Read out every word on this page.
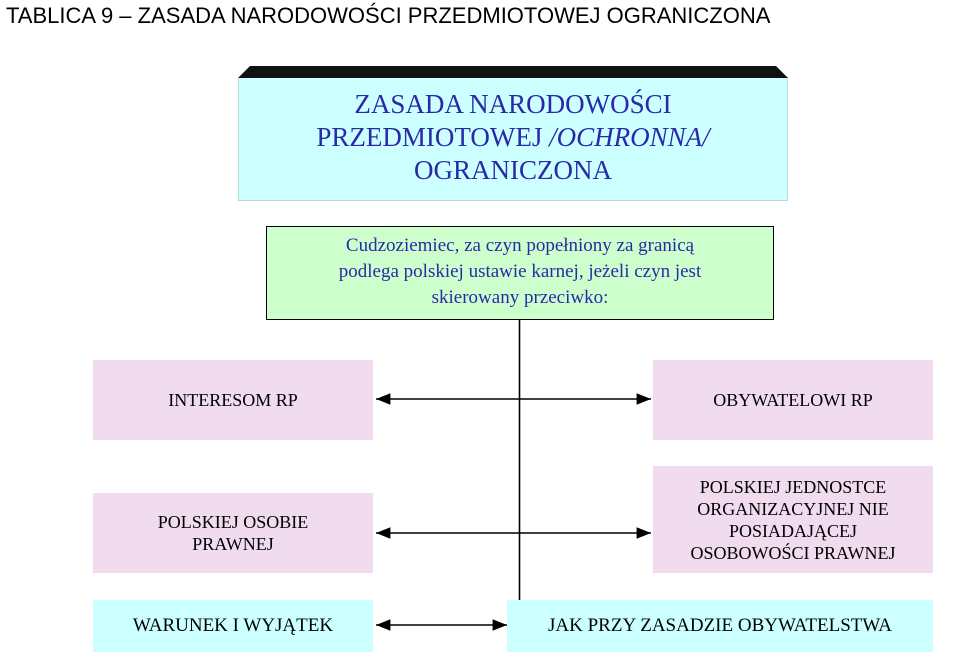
TABLICA 9 – ZASADA NARODOWOŚCI PRZEDMIOTOWEJ OGRANICZONA
ZASADA NARODOWOŚCI
PRZEDMIOTOWEJ /OCHRONNA/
OGRANICZONA
Cudzoziemiec, za czyn popełniony za granicą
podlega polskiej ustawie karnej, jeżeli czyn jest
skierowany przeciwko:
INTERESOM RP	OBYWATELOWI RP
POLSKIEJ OSOBIE
PRAWNEJ
POLSKIEJ JEDNOSTCE
ORGANIZACYJNEJ NIE
POSIADAJĄCEJ
OSOBOWOŚCI PRAWNEJ
WARUNEK I WYJĄTEK	JAK PRZY ZASADZIE OBYWATELSTWA
